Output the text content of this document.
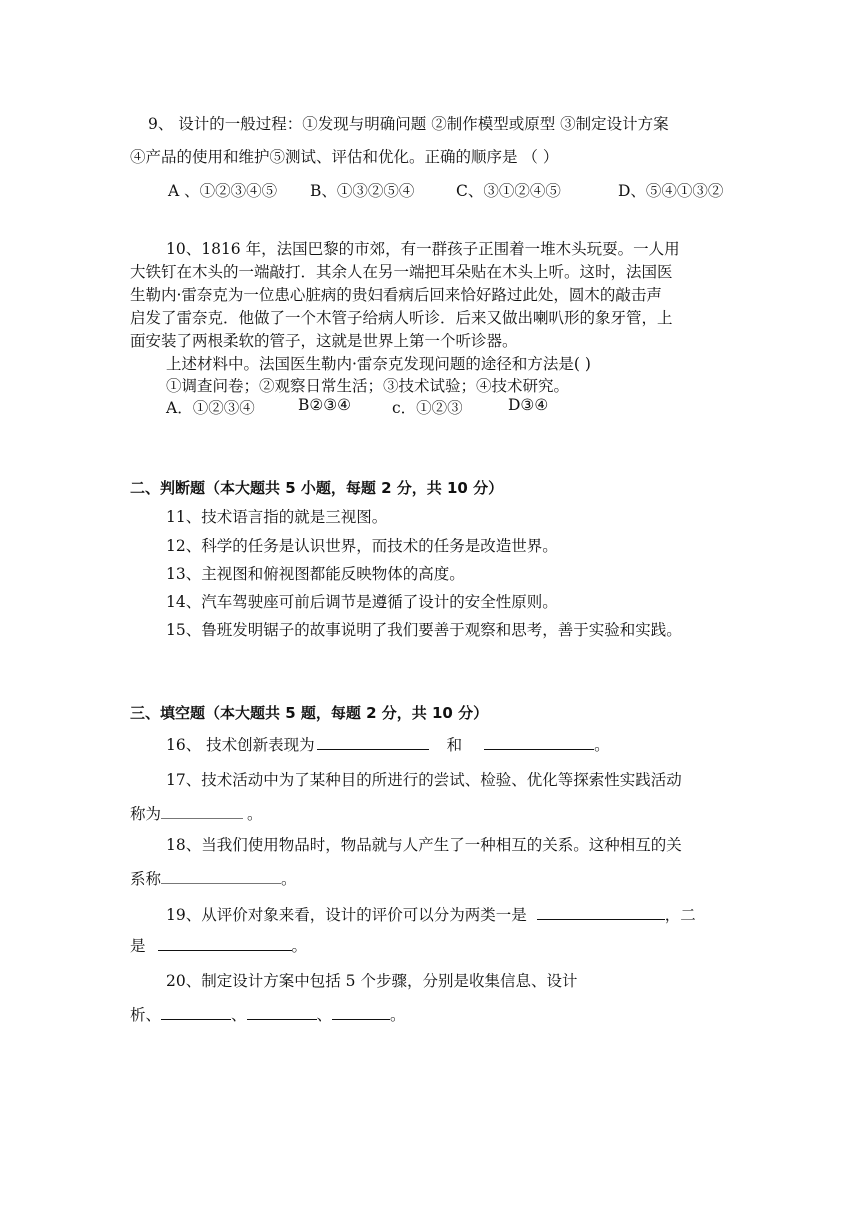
9、 设计的一般过程：①发现与明确问题 ②制作模型或原型 ③制定设计方案
④产品的使用和维护⑤测试、评估和优化。正确的顺序是 （ ）
A 、①②③④⑤ B、①③②⑤④	C、③①②④⑤	D、⑤④①③②
10、1816 年，法国巴黎的市郊，有一群孩子正围着一堆木头玩耍。一人用
大铁钉在木头的一端敲打．其余人在另一端把耳朵贴在木头上听。这时，法国医
生勒内·雷奈克为一位患心脏病的贵妇看病后回来恰好路过此处，圆木的敲击声
启发了雷奈克．他做了一个木管子给病人听诊．后来又做出喇叭形的象牙管，上
面安装了两根柔软的管子，这就是世界上第一个听诊器。
上述材料中。法国医生勒内·雷奈克发现问题的途径和方法是( )
①调查问卷；②观察日常生活；③技术试验；④技术研究。
A．①②③④	B②③④	c．①②③	D③④
二、判断题（本大题共 5 小题，每题 2 分，共 10 分）
11、技术语言指的就是三视图。
12、科学的任务是认识世界，而技术的任务是改造世界。
13、主视图和俯视图都能反映物体的高度。
14、汽车驾驶座可前后调节是遵循了设计的安全性原则。
15、鲁班发明锯子的故事说明了我们要善于观察和思考，善于实验和实践。
三、填空题（本大题共 5 题，每题 2 分，共 10 分）
16、 技术创新表现为	和	。
17、技术活动中为了某种目的所进行的尝试、检验、优化等探索性实践活动
称为	。
18、当我们使用物品时，物品就与人产生了一种相互的关系。这种相互的关
系称	。
19、从评价对象来看，设计的评价可以分为两类一是	，二
是	。
20、制定设计方案中包括 5 个步骤，分别是收集信息、设计
析、	、	、	。
